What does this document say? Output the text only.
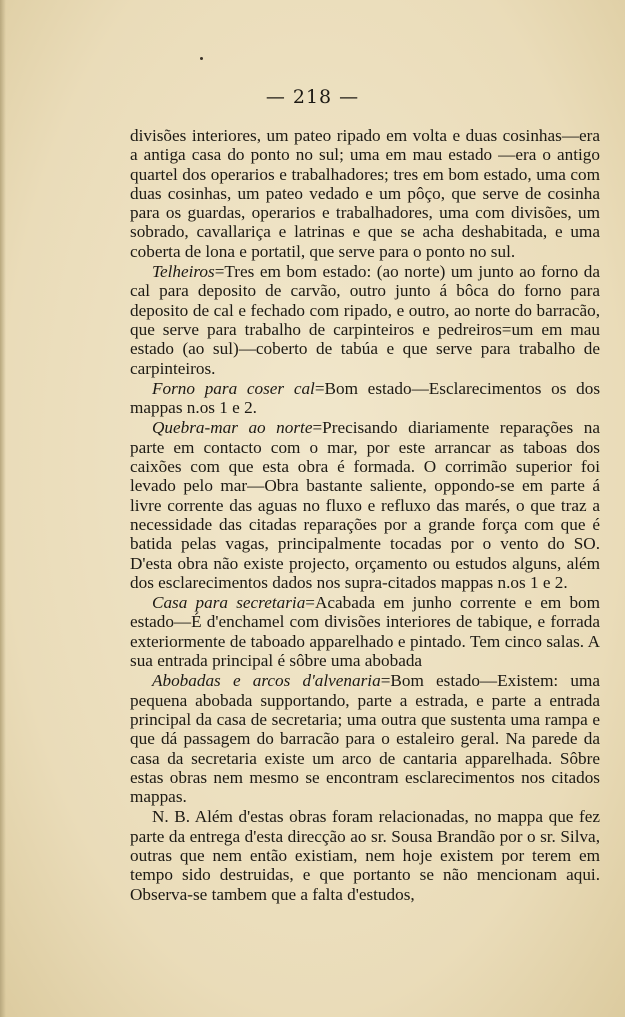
— 218 —

divisões interiores, um pateo ripado em volta e duas cosinhas—era a antiga casa do ponto no sul; uma em mau estado —era o antigo quartel dos operarios e trabalhadores; tres em bom estado, uma com duas cosinhas, um pateo vedado e um pôço, que serve de cosinha para os guardas, operarios e trabalhadores, uma com divisões, um sobrado, cavallariça e latrinas e que se acha deshabitada, e uma coberta de lona e portatil, que serve para o ponto no sul.

Telheiros=Tres em bom estado: (ao norte) um junto ao forno da cal para deposito de carvão, outro junto á bôca do forno para deposito de cal e fechado com ripado, e outro, ao norte do barracão, que serve para trabalho de carpinteiros e pedreiros=um em mau estado (ao sul)—coberto de tabúa e que serve para trabalho de carpinteiros.

Forno para coser cal=Bom estado—Esclarecimentos os dos mappas n.os 1 e 2.

Quebra-mar ao norte=Precisando diariamente reparações na parte em contacto com o mar, por este arrancar as taboas dos caixões com que esta obra é formada. O corrimão superior foi levado pelo mar—Obra bastante saliente, oppondo-se em parte á livre corrente das aguas no fluxo e refluxo das marés, o que traz a necessidade das citadas reparações por a grande força com que é batida pelas vagas, principalmente tocadas por o vento do SO. D'esta obra não existe projecto, orçamento ou estudos alguns, além dos esclarecimentos dados nos supra-citados mappas n.os 1 e 2.

Casa para secretaria=Acabada em junho corrente e em bom estado—É d'enchamel com divisões interiores de tabique, e forrada exteriormente de taboado apparelhado e pintado. Tem cinco salas. A sua entrada principal é sôbre uma abobada

Abobadas e arcos d'alvenaria=Bom estado—Existem: uma pequena abobada supportando, parte a estrada, e parte a entrada principal da casa de secretaria; uma outra que sustenta uma rampa e que dá passagem do barracão para o estaleiro geral. Na parede da casa da secretaria existe um arco de cantaria apparelhada. Sôbre estas obras nem mesmo se encontram esclarecimentos nos citados mappas.

N. B. Além d'estas obras foram relacionadas, no mappa que fez parte da entrega d'esta direcção ao sr. Sousa Brandão por o sr. Silva, outras que nem então existiam, nem hoje existem por terem em tempo sido destruidas, e que portanto se não mencionam aqui. Observa-se tambem que a falta d'estudos,
